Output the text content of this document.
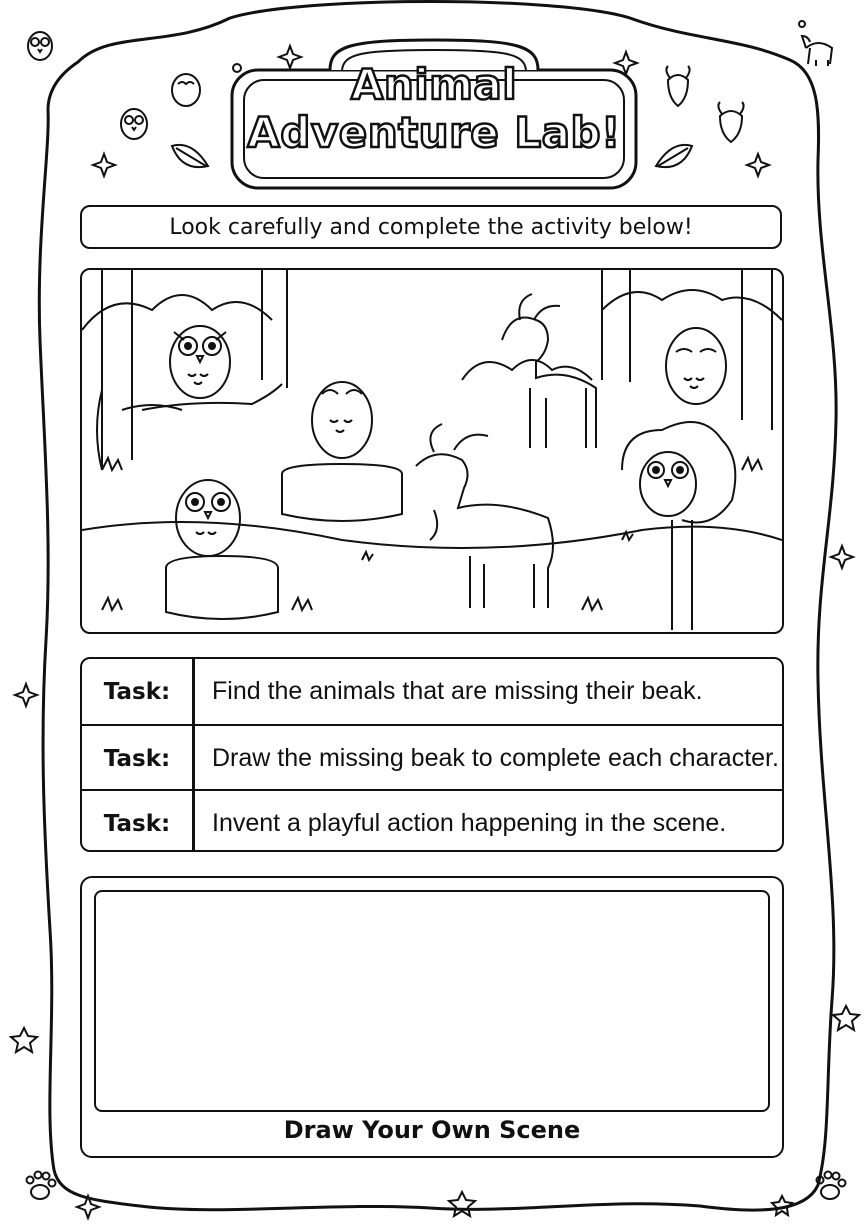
Animal
Adventure Lab!
Look carefully and complete the activity below!
Task:	Find the animals that are missing their beak.
Task:	Draw the missing beak to complete each character.
Task:	Invent a playful action happening in the scene.
Draw Your Own Scene
